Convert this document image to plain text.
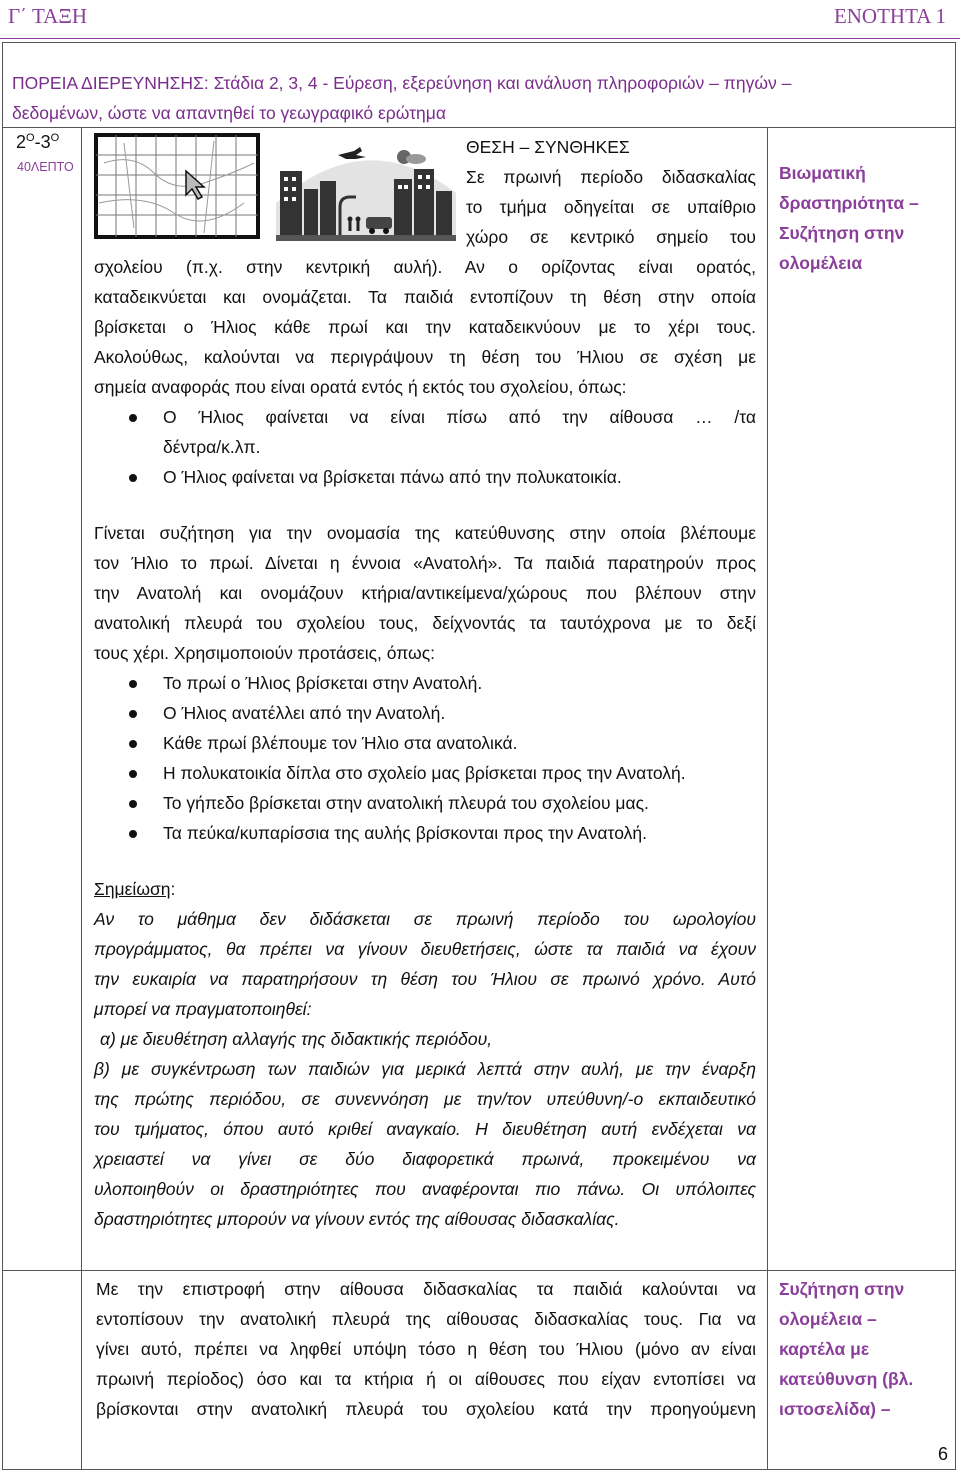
Γ΄ ΤΑΞΗ	ΕΝΟΤΗΤΑ 1
ΠΟΡΕΙΑ ΔΙΕΡΕΥΝΗΣΗΣ: Στάδια 2, 3, 4 - Εύρεση, εξερεύνηση και ανάλυση πληροφοριών – πηγών –
δεδομένων, ώστε να απαντηθεί το γεωγραφικό ερώτημα
$2^O-3^O$
40ΛΕΠΤΟ	Βιωματική
δραστηριότητα –
Συζήτηση στην
ολομέλεια
Συζήτηση στην
ολομέλεια –
καρτέλα με
κατεύθυνση (βλ.
ιστοσελίδα) –
ΘΕΣΗ – ΣΥΝΘΗΚΕΣ
Σε πρωινή περίοδο διδασκαλίας
το τμήμα οδηγείται σε υπαίθριο
χώρο σε κεντρικό σημείο του
σχολείου (π.χ. στην κεντρική αυλή). Αν ο ορίζοντας είναι ορατός,
καταδεικνύεται και ονομάζεται. Τα παιδιά εντοπίζουν τη θέση στην οποία
βρίσκεται ο Ήλιος κάθε πρωί και την καταδεικνύουν με το χέρι τους.
Ακολούθως, καλούνται να περιγράψουν τη θέση του Ήλιου σε σχέση με
σημεία αναφοράς που είναι ορατά εντός ή εκτός του σχολείου, όπως:
Ο Ήλιος φαίνεται να είναι πίσω από την αίθουσα … /τα
δέντρα/κ.λπ.
Ο Ήλιος φαίνεται να βρίσκεται πάνω από την πολυκατοικία.
Γίνεται συζήτηση για την ονομασία της κατεύθυνσης στην οποία βλέπουμε
τον Ήλιο το πρωί. Δίνεται η έννοια «Ανατολή». Τα παιδιά παρατηρούν προς
την Ανατολή και ονομάζουν κτήρια/αντικείμενα/χώρους που βλέπουν στην
ανατολική πλευρά του σχολείου τους, δείχνοντάς τα ταυτόχρονα με το δεξί
τους χέρι. Χρησιμοποιούν προτάσεις, όπως:
Το πρωί ο Ήλιος βρίσκεται στην Ανατολή.
Ο Ήλιος ανατέλλει από την Ανατολή.
Κάθε πρωί βλέπουμε τον Ήλιο στα ανατολικά.
Η πολυκατοικία δίπλα στο σχολείο μας βρίσκεται προς την Ανατολή.
Το γήπεδο βρίσκεται στην ανατολική πλευρά του σχολείου μας.
Τα πεύκα/κυπαρίσσια της αυλής βρίσκονται προς την Ανατολή.
Σημείωση:
Αν το μάθημα δεν διδάσκεται σε πρωινή περίοδο του ωρολογίου
προγράμματος, θα πρέπει να γίνουν διευθετήσεις, ώστε τα παιδιά να έχουν
την ευκαιρία να παρατηρήσουν τη θέση του Ήλιου σε πρωινό χρόνο. Αυτό
μπορεί να πραγματοποιηθεί:
α) με διευθέτηση αλλαγής της διδακτικής περιόδου,
β) με συγκέντρωση των παιδιών για μερικά λεπτά στην αυλή, με την έναρξη
της πρώτης περιόδου, σε συνεννόηση με την/τον υπεύθυνη/-ο εκπαιδευτικό
του τμήματος, όπου αυτό κριθεί αναγκαίο. Η διευθέτηση αυτή ενδέχεται να
χρειαστεί να γίνει σε δύο διαφορετικά πρωινά, προκειμένου να
υλοποιηθούν οι δραστηριότητες που αναφέρονται πιο πάνω. Οι υπόλοιπες
δραστηριότητες μπορούν να γίνουν εντός της αίθουσας διδασκαλίας.
Με την επιστροφή στην αίθουσα διδασκαλίας τα παιδιά καλούνται να
εντοπίσουν την ανατολική πλευρά της αίθουσας διδασκαλίας τους. Για να
γίνει αυτό, πρέπει να ληφθεί υπόψη τόσο η θέση του Ήλιου (μόνο αν είναι
πρωινή περίοδος) όσο και τα κτήρια ή οι αίθουσες που είχαν εντοπίσει να
βρίσκονται στην ανατολική πλευρά του σχολείου κατά την προηγούμενη
6
